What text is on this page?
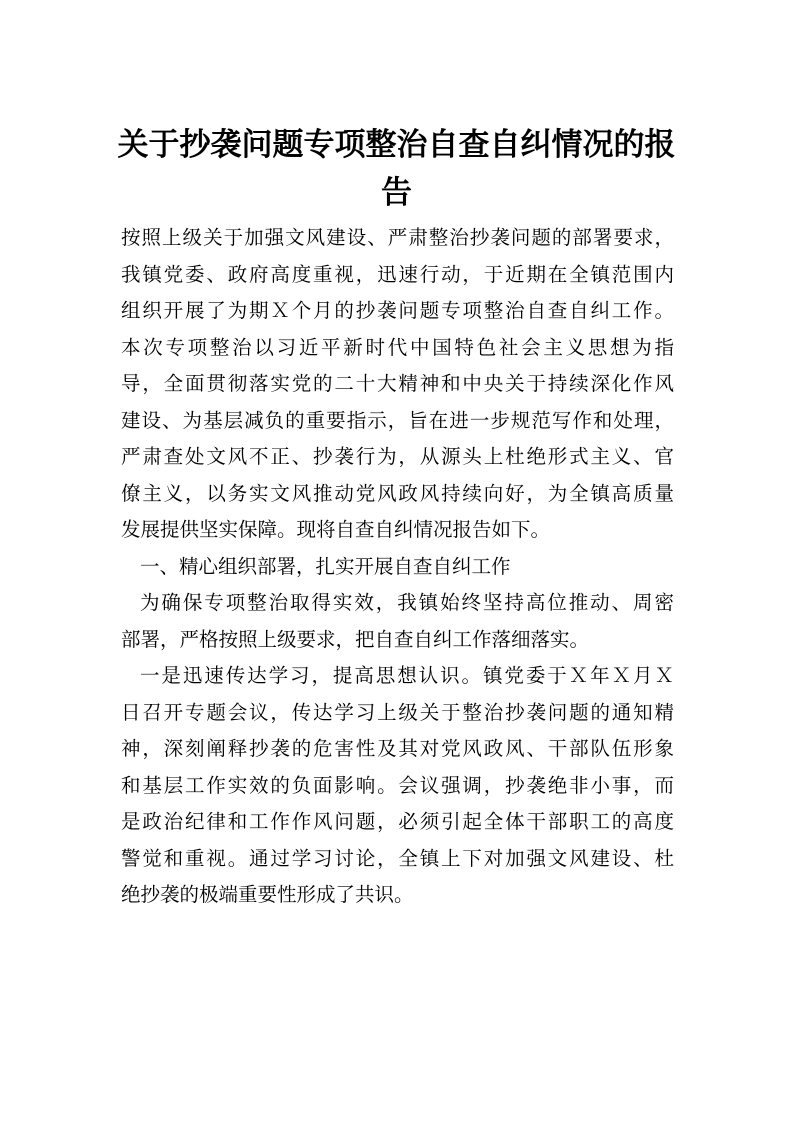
关于抄袭问题专项整治自查自纠情况的报
告
按照上级关于加强文风建设、严肃整治抄袭问题的部署要求，
我镇党委、政府高度重视，迅速行动，于近期在全镇范围内
组织开展了为期Ｘ个月的抄袭问题专项整治自查自纠工作。
本次专项整治以习近平新时代中国特色社会主义思想为指
导，全面贯彻落实党的二十大精神和中央关于持续深化作风
建设、为基层减负的重要指示，旨在进一步规范写作和处理，
严肃查处文风不正、抄袭行为，从源头上杜绝形式主义、官
僚主义，以务实文风推动党风政风持续向好，为全镇高质量
发展提供坚实保障。现将自查自纠情况报告如下。
一、精心组织部署，扎实开展自查自纠工作
为确保专项整治取得实效，我镇始终坚持高位推动、周密
部署，严格按照上级要求，把自查自纠工作落细落实。
一是迅速传达学习，提高思想认识。镇党委于Ｘ年Ｘ月Ｘ
日召开专题会议，传达学习上级关于整治抄袭问题的通知精
神，深刻阐释抄袭的危害性及其对党风政风、干部队伍形象
和基层工作实效的负面影响。会议强调，抄袭绝非小事，而
是政治纪律和工作作风问题，必须引起全体干部职工的高度
警觉和重视。通过学习讨论，全镇上下对加强文风建设、杜
绝抄袭的极端重要性形成了共识。
